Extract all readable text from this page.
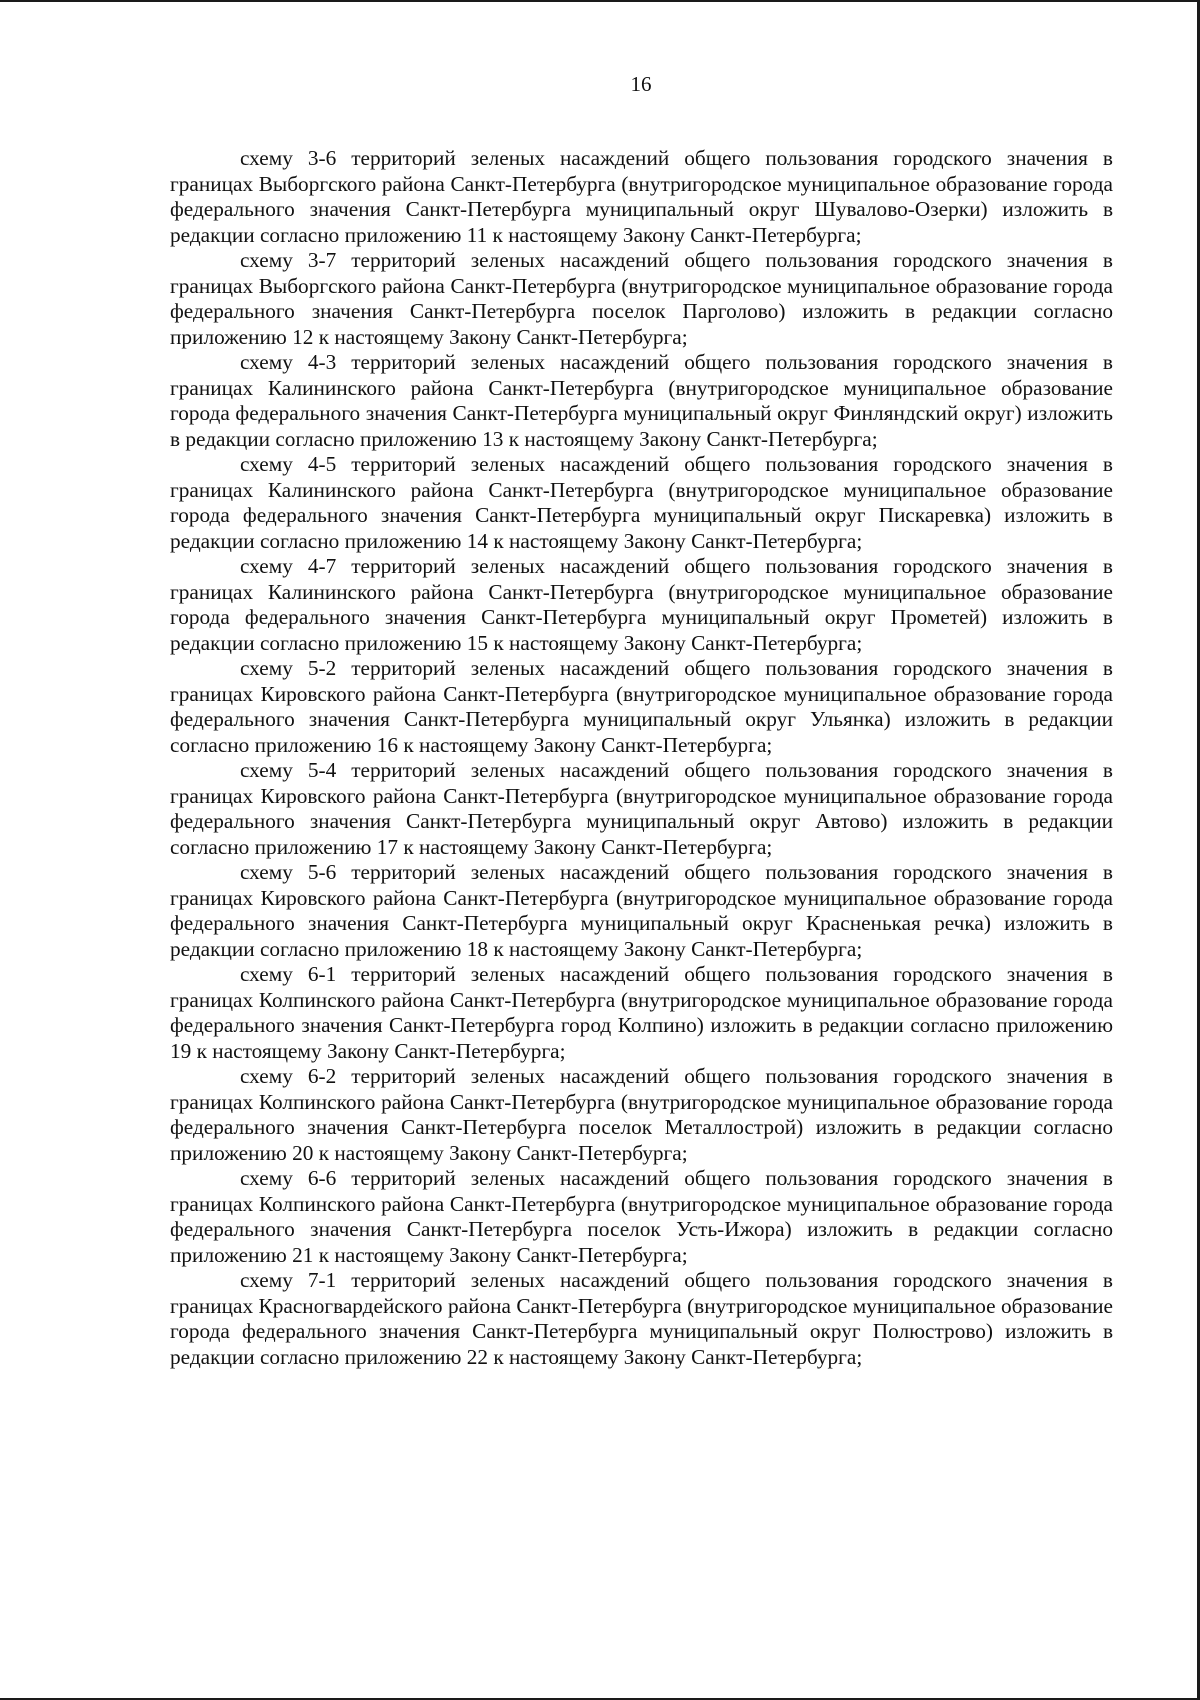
16

схему 3-6 территорий зеленых насаждений общего пользования городского значения в границах Выборгского района Санкт-Петербурга (внутригородское муниципальное образование города федерального значения Санкт-Петербурга муниципальный округ Шувалово-Озерки) изложить в редакции согласно приложению 11 к настоящему Закону Санкт-Петербурга;

схему 3-7 территорий зеленых насаждений общего пользования городского значения в границах Выборгского района Санкт-Петербурга (внутригородское муниципальное образование города федерального значения Санкт-Петербурга поселок Парголово) изложить в редакции согласно приложению 12 к настоящему Закону Санкт-Петербурга;

схему 4-3 территорий зеленых насаждений общего пользования городского значения в границах Калининского района Санкт-Петербурга (внутригородское муниципальное образование города федерального значения Санкт-Петербурга муниципальный округ Финляндский округ) изложить в редакции согласно приложению 13 к настоящему Закону Санкт-Петербурга;

схему 4-5 территорий зеленых насаждений общего пользования городского значения в границах Калининского района Санкт-Петербурга (внутригородское муниципальное образование города федерального значения Санкт-Петербурга муниципальный округ Пискаревка) изложить в редакции согласно приложению 14 к настоящему Закону Санкт-Петербурга;

схему 4-7 территорий зеленых насаждений общего пользования городского значения в границах Калининского района Санкт-Петербурга (внутригородское муниципальное образование города федерального значения Санкт-Петербурга муниципальный округ Прометей) изложить в редакции согласно приложению 15 к настоящему Закону Санкт-Петербурга;

схему 5-2 территорий зеленых насаждений общего пользования городского значения в границах Кировского района Санкт-Петербурга (внутригородское муниципальное образование города федерального значения Санкт-Петербурга муниципальный округ Ульянка) изложить в редакции согласно приложению 16 к настоящему Закону Санкт-Петербурга;

схему 5-4 территорий зеленых насаждений общего пользования городского значения в границах Кировского района Санкт-Петербурга (внутригородское муниципальное образование города федерального значения Санкт-Петербурга муниципальный округ Автово) изложить в редакции согласно приложению 17 к настоящему Закону Санкт-Петербурга;

схему 5-6 территорий зеленых насаждений общего пользования городского значения в границах Кировского района Санкт-Петербурга (внутригородское муниципальное образование города федерального значения Санкт-Петербурга муниципальный округ Красненькая речка) изложить в редакции согласно приложению 18 к настоящему Закону Санкт-Петербурга;

схему 6-1 территорий зеленых насаждений общего пользования городского значения в границах Колпинского района Санкт-Петербурга (внутригородское муниципальное образование города федерального значения Санкт-Петербурга город Колпино) изложить в редакции согласно приложению 19 к настоящему Закону Санкт-Петербурга;

схему 6-2 территорий зеленых насаждений общего пользования городского значения в границах Колпинского района Санкт-Петербурга (внутригородское муниципальное образование города федерального значения Санкт-Петербурга поселок Металлострой) изложить в редакции согласно приложению 20 к настоящему Закону Санкт-Петербурга;

схему 6-6 территорий зеленых насаждений общего пользования городского значения в границах Колпинского района Санкт-Петербурга (внутригородское муниципальное образование города федерального значения Санкт-Петербурга поселок Усть-Ижора) изложить в редакции согласно приложению 21 к настоящему Закону Санкт-Петербурга;

схему 7-1 территорий зеленых насаждений общего пользования городского значения в границах Красногвардейского района Санкт-Петербурга (внутригородское муниципальное образование города федерального значения Санкт-Петербурга муниципальный округ Полюстрово) изложить в редакции согласно приложению 22 к настоящему Закону Санкт-Петербурга;
